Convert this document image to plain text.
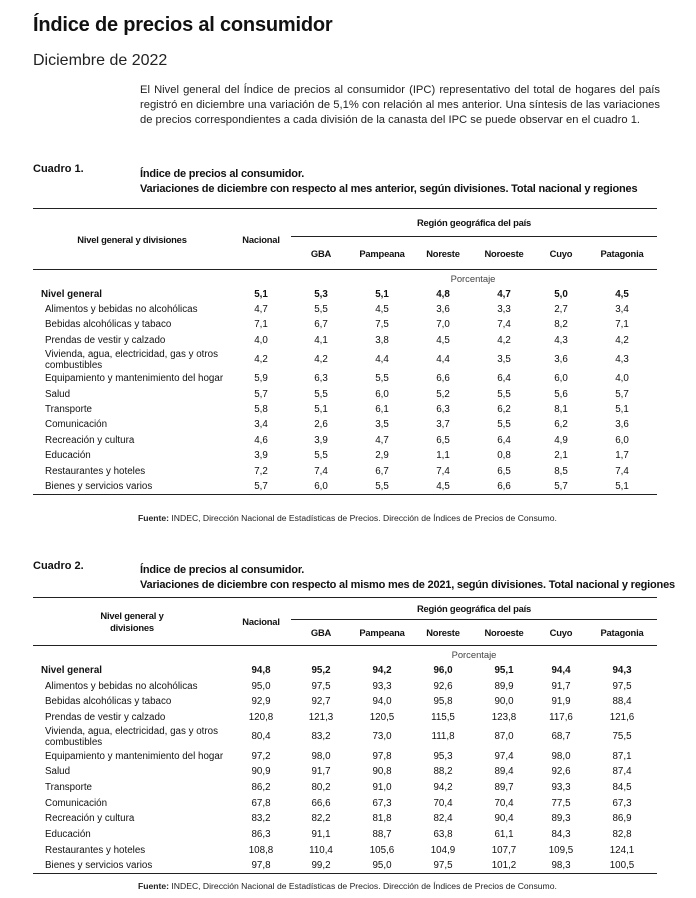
Índice de precios al consumidor
Diciembre de 2022
El Nivel general del Índice de precios al consumidor (IPC) representativo del total de hogares del país registró en diciembre una variación de 5,1% con relación al mes anterior. Una síntesis de las variaciones de precios correspondientes a cada división de la canasta del IPC se puede observar en el cuadro 1.
Cuadro 1.	Índice de precios al consumidor.
Variaciones de diciembre con respecto al mes anterior, según divisiones. Total nacional y regiones
Nivel general y divisiones	Nacional	Región geográfica del país					
		GBA	Pampeana	Noreste	Noroeste	Cuyo	Patagonia
		Porcentaje					
Nivel general	5,1	5,3	5,1	4,8	4,7	5,0	4,5
Alimentos y bebidas no alcohólicas	4,7	5,5	4,5	3,6	3,3	2,7	3,4
Bebidas alcohólicas y tabaco	7,1	6,7	7,5	7,0	7,4	8,2	7,1
Prendas de vestir y calzado	4,0	4,1	3,8	4,5	4,2	4,3	4,2

Vivienda, agua, electricidad, gas y otros
combustibles	4,2	4,2	4,4	4,4	3,5	3,6	4,3
Equipamiento y mantenimiento del hogar	5,9	6,3	5,5	6,6	6,4	6,0	4,0
Salud	5,7	5,5	6,0	5,2	5,5	5,6	5,7
Transporte	5,8	5,1	6,1	6,3	6,2	8,1	5,1
Comunicación	3,4	2,6	3,5	3,7	5,5	6,2	3,6
Recreación y cultura	4,6	3,9	4,7	6,5	6,4	4,9	6,0
Educación	3,9	5,5	2,9	1,1	0,8	2,1	1,7
Restaurantes y hoteles	7,2	7,4	6,7	7,4	6,5	8,5	7,4
Bienes y servicios varios	5,7	6,0	5,5	4,5	6,6	5,7	5,1
Fuente: INDEC, Dirección Nacional de Estadísticas de Precios. Dirección de Índices de Precios de Consumo.
Cuadro 2.	Índice de precios al consumidor.
Variaciones de diciembre con respecto al mismo mes de 2021, según divisiones. Total nacional y regiones
Nivel general y
divisiones	Nacional	Región geográfica del país					
		GBA	Pampeana	Noreste	Noroeste	Cuyo	Patagonia
		Porcentaje					
Nivel general	94,8	95,2	94,2	96,0	95,1	94,4	94,3
Alimentos y bebidas no alcohólicas	95,0	97,5	93,3	92,6	89,9	91,7	97,5
Bebidas alcohólicas y tabaco	92,9	92,7	94,0	95,8	90,0	91,9	88,4
Prendas de vestir y calzado	120,8	121,3	120,5	115,5	123,8	117,6	121,6

Vivienda, agua, electricidad, gas y otros
combustibles	80,4	83,2	73,0	111,8	87,0	68,7	75,5
Equipamiento y mantenimiento del hogar	97,2	98,0	97,8	95,3	97,4	98,0	87,1
Salud	90,9	91,7	90,8	88,2	89,4	92,6	87,4
Transporte	86,2	80,2	91,0	94,2	89,7	93,3	84,5
Comunicación	67,8	66,6	67,3	70,4	70,4	77,5	67,3
Recreación y cultura	83,2	82,2	81,8	82,4	90,4	89,3	86,9
Educación	86,3	91,1	88,7	63,8	61,1	84,3	82,8
Restaurantes y hoteles	108,8	110,4	105,6	104,9	107,7	109,5	124,1
Bienes y servicios varios	97,8	99,2	95,0	97,5	101,2	98,3	100,5
Fuente: INDEC, Dirección Nacional de Estadísticas de Precios. Dirección de Índices de Precios de Consumo.
